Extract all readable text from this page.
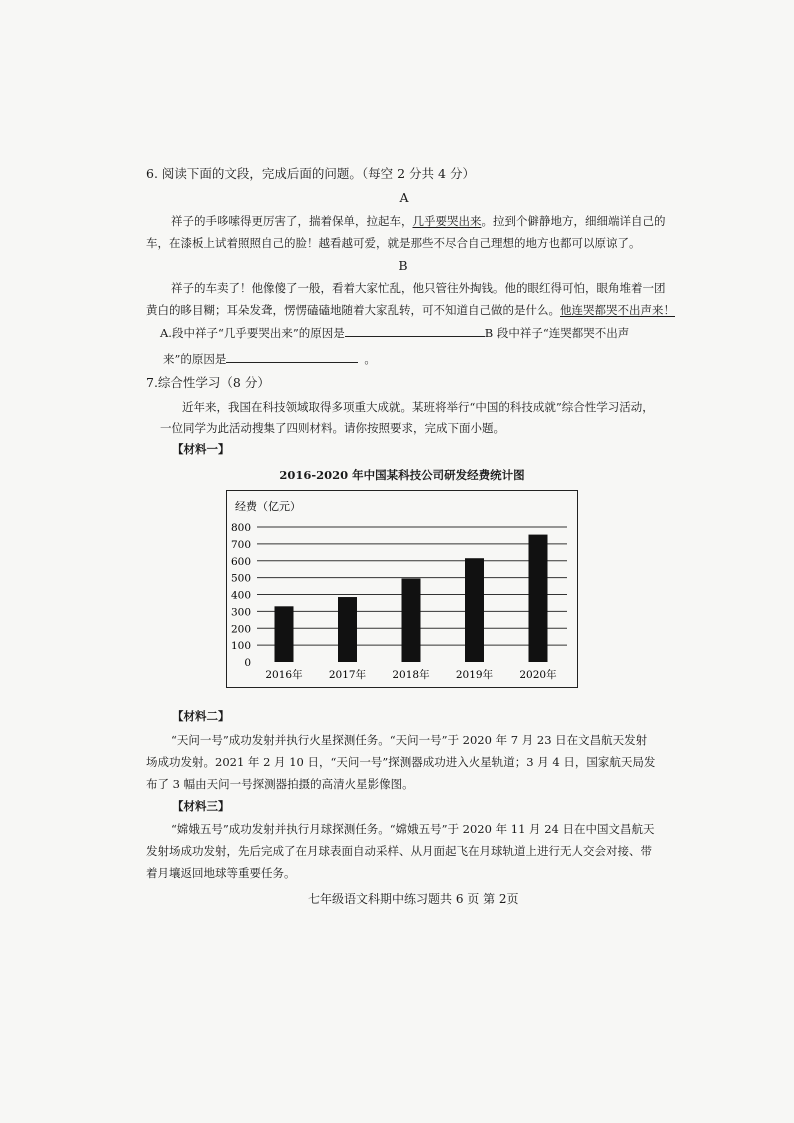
6. 阅读下面的文段，完成后面的问题。（每空 2 分共 4 分）
A
祥子的手哆嗦得更厉害了，揣着保单，拉起车，几乎要哭出来。拉到个僻静地方，细细端详自己的
车，在漆板上试着照照自己的脸！越看越可爱，就是那些不尽合自己理想的地方也都可以原谅了。
B
祥子的车卖了！他像傻了一般，看着大家忙乱，他只管往外掏钱。他的眼红得可怕，眼角堆着一团
黄白的眵目糊；耳朵发聋，愣愣磕磕地随着大家乱转，可不知道自己做的是什么。他连哭都哭不出声来！
A.段中祥子“几乎要哭出来”的原因是	B 段中祥子“连哭都哭不出声
来”的原因是	。
7.综合性学习（8 分）
近年来，我国在科技领域取得多项重大成就。某班将举行“中国的科技成就”综合性学习活动，
一位同学为此活动搜集了四则材料。请你按照要求，完成下面小题。
【材料一】
2016-2020 年中国某科技公司研发经费统计图
经费（亿元）
0
100
200
300
400
500
600
700
800
2016年	2017年	2018年	2019年	2020年
【材料二】
“天问一号”成功发射并执行火星探测任务。“天问一号”于 2020 年 7 月 23 日在文昌航天发射
场成功发射。2021 年 2 月 10 日，“天问一号”探测器成功进入火星轨道；3 月 4 日，国家航天局发
布了 3 幅由天问一号探测器拍摄的高清火星影像图。
【材料三】
“嫦娥五号”成功发射并执行月球探测任务。“嫦娥五号”于 2020 年 11 月 24 日在中国文昌航天
发射场成功发射，先后完成了在月球表面自动采样、从月面起飞在月球轨道上进行无人交会对接、带
着月壤返回地球等重要任务。
七年级语文科期中练习题共 6 页 第 2页
